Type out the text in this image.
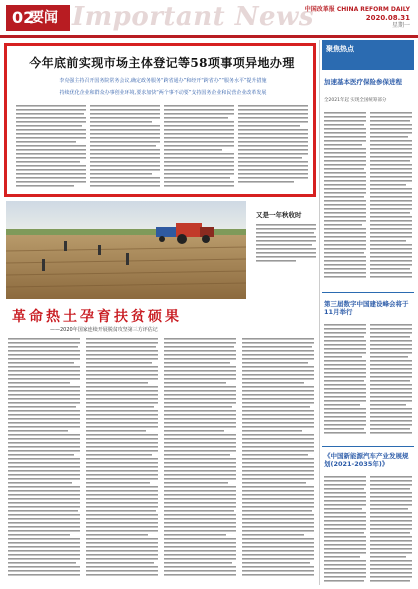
02
要闻 Important News
中国改革报 CHINA REFORM DAILY
2020.08.31
星期一
今年底前实现市场主体登记等58项事项异地办理
李克强主持召开国务院常务会议,确定政务服务“跨省通办”和经开“跨省办”“服务水平”提升措施
持续优化企业和群众办事创业环境,要求加快“两个事不动要”支持国务企业和民营企业改革发展
聚焦热点
加速基本医疗保险参保进程
全2021年起 实现全国统筹部分
又是一年秋收时
革命热土孕育扶贫硕果
——2020年国家连续开展脱贫攻坚第三方评估记
第三届数字中国建设峰会将于11月举行
《中国新能源汽车产业发展规划(2021-2035年)》
